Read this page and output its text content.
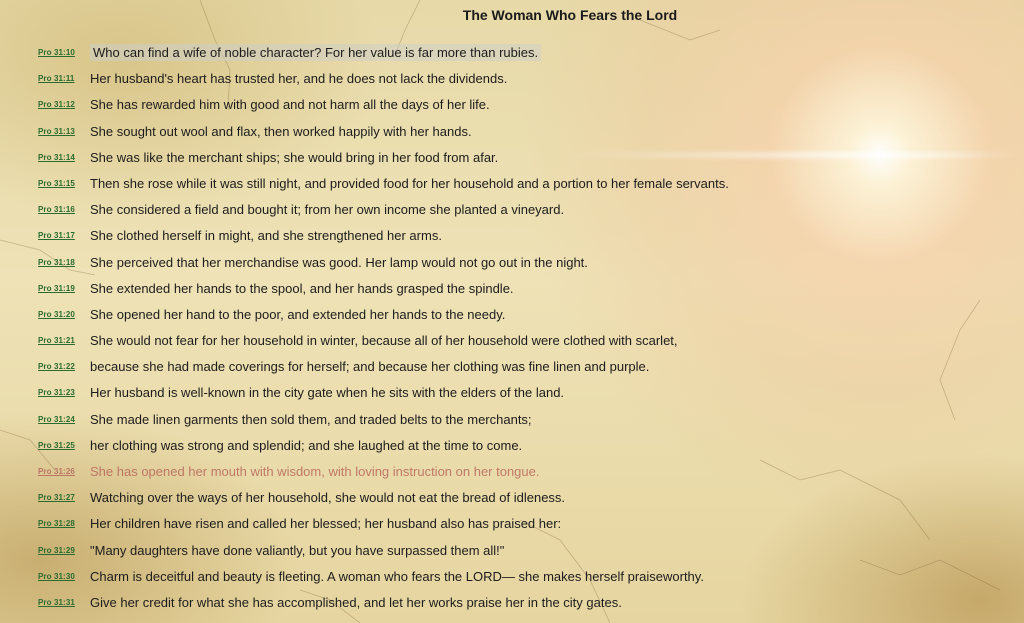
The Woman Who Fears the Lord
Pro 31:10 Who can find a wife of noble character? For her value is far more than rubies.
Pro 31:11 Her husband's heart has trusted her, and he does not lack the dividends.
Pro 31:12 She has rewarded him with good and not harm all the days of her life.
Pro 31:13 She sought out wool and flax, then worked happily with her hands.
Pro 31:14 She was like the merchant ships; she would bring in her food from afar.
Pro 31:15 Then she rose while it was still night, and provided food for her household and a portion to her female servants.
Pro 31:16 She considered a field and bought it; from her own income she planted a vineyard.
Pro 31:17 She clothed herself in might, and she strengthened her arms.
Pro 31:18 She perceived that her merchandise was good. Her lamp would not go out in the night.
Pro 31:19 She extended her hands to the spool, and her hands grasped the spindle.
Pro 31:20 She opened her hand to the poor, and extended her hands to the needy.
Pro 31:21 She would not fear for her household in winter, because all of her household were clothed with scarlet,
Pro 31:22 because she had made coverings for herself; and because her clothing was fine linen and purple.
Pro 31:23 Her husband is well-known in the city gate when he sits with the elders of the land.
Pro 31:24 She made linen garments then sold them, and traded belts to the merchants;
Pro 31:25 her clothing was strong and splendid; and she laughed at the time to come.
Pro 31:26 She has opened her mouth with wisdom, with loving instruction on her tongue.
Pro 31:27 Watching over the ways of her household, she would not eat the bread of idleness.
Pro 31:28 Her children have risen and called her blessed; her husband also has praised her:
Pro 31:29 "Many daughters have done valiantly, but you have surpassed them all!"
Pro 31:30 Charm is deceitful and beauty is fleeting. A woman who fears the LORD— she makes herself praiseworthy.
Pro 31:31 Give her credit for what she has accomplished, and let her works praise her in the city gates.
